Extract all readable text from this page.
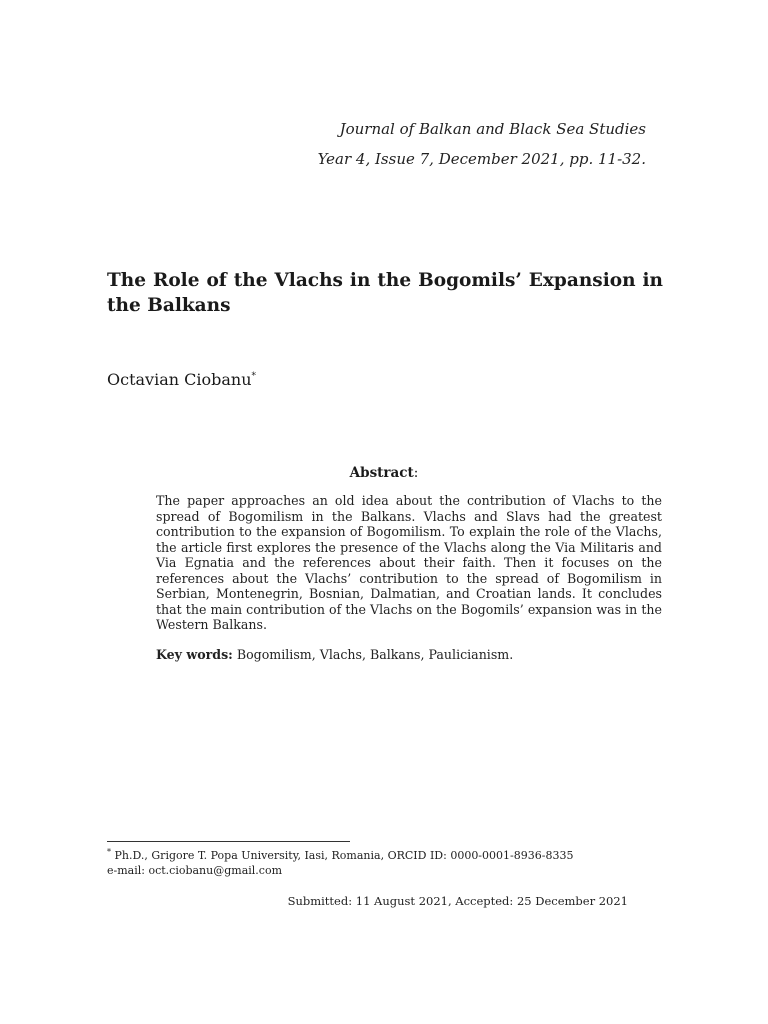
Journal of Balkan and Black Sea Studies
Year 4, Issue 7, December 2021, pp. 11-32.
The Role of the Vlachs in the Bogomils’ Expansion in the Balkans
Octavian Ciobanu*
Abstract:
The paper approaches an old idea about the contribution of Vlachs to the spread of Bogomilism in the Balkans. Vlachs and Slavs had the greatest contribution to the expansion of Bogomilism. To explain the role of the Vlachs, the article first explores the presence of the Vlachs along the Via Militaris and Via Egnatia and the references about their faith. Then it focuses on the references about the Vlachs’ contribution to the spread of Bogomilism in Serbian, Montenegrin, Bosnian, Dalmatian, and Croatian lands. It concludes that the main contribution of the Vlachs on the Bogomils’ expansion was in the Western Balkans.
Key words: Bogomilism, Vlachs, Balkans, Paulicianism.
* Ph.D., Grigore T. Popa University, Iasi, Romania, ORCID ID: 0000-0001-8936-8335
e-mail: oct.ciobanu@gmail.com
Submitted: 11 August 2021, Accepted: 25 December 2021
